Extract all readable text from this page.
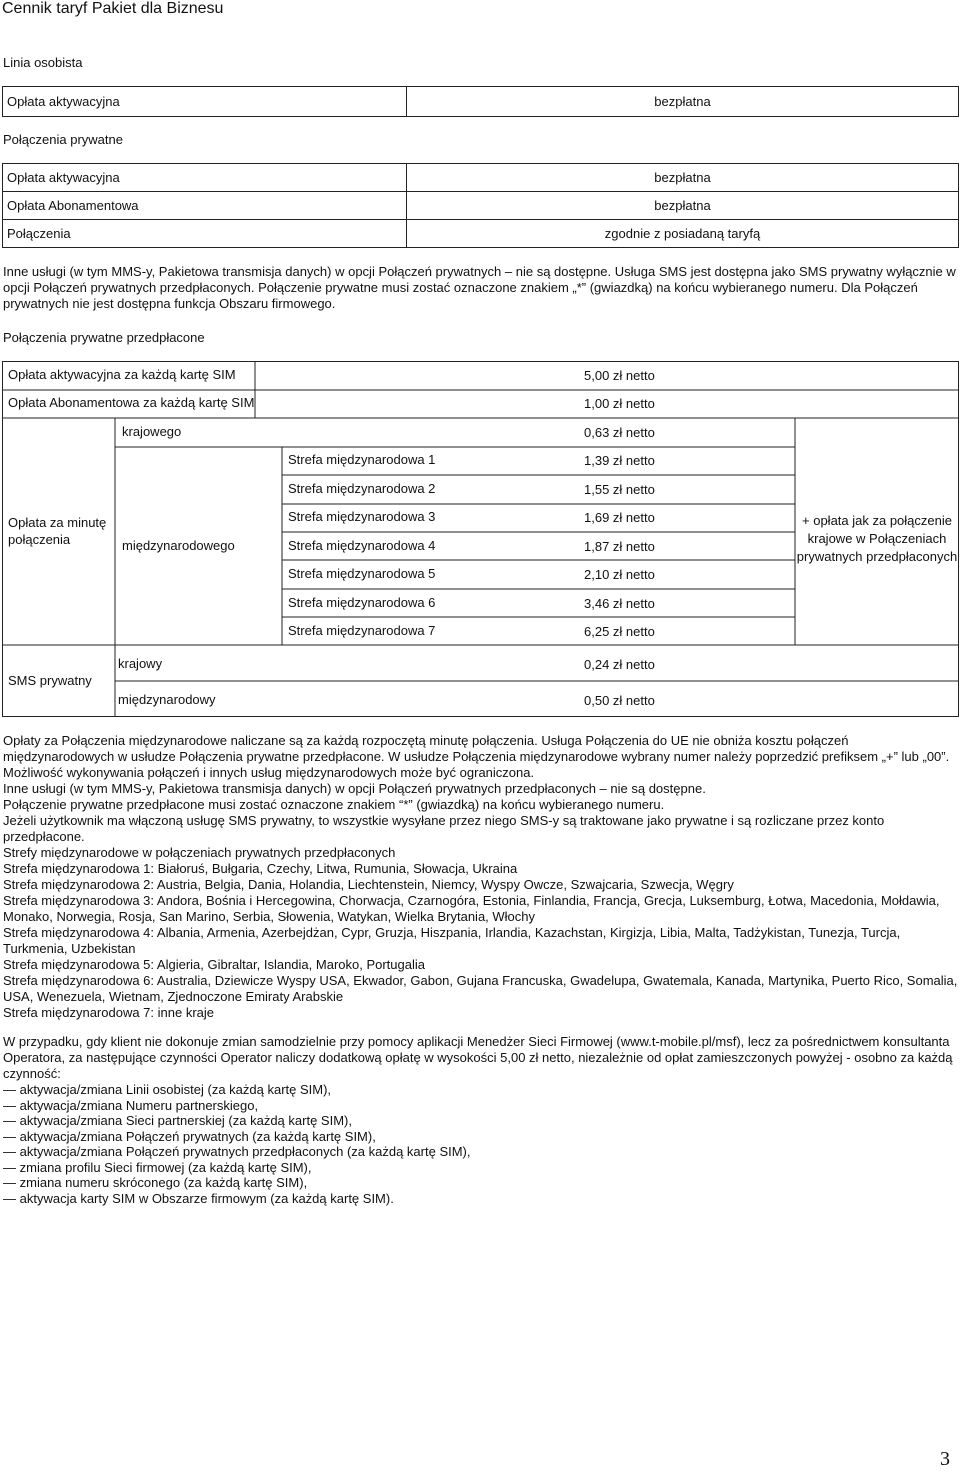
Cennik taryf Pakiet dla Biznesu
Linia osobista
Opłata aktywacyjna	bezpłatna
Połączenia prywatne
Opłata aktywacyjna	bezpłatna
Opłata Abonamentowa	bezpłatna
Połączenia	zgodnie z posiadaną taryfą
Inne usługi (w tym MMS-y, Pakietowa transmisja danych) w opcji Połączeń prywatnych – nie są dostępne. Usługa SMS jest dostępna jako SMS prywatny wyłącznie w
opcji Połączeń prywatnych przedpłaconych. Połączenie prywatne musi zostać oznaczone znakiem „*” (gwiazdką) na końcu wybieranego numeru. Dla Połączeń
prywatnych nie jest dostępna funkcja Obszaru firmowego.
Połączenia prywatne przedpłacone
Opłata aktywacyjna za każdą kartę SIM	5,00 zł netto
Opłata Abonamentowa za każdą kartę SIM	1,00 zł netto
Opłata za minutę
połączenia
krajowego	0,63 zł netto
międzynarodowego
Strefa międzynarodowa 1	1,39 zł netto
Strefa międzynarodowa 2	1,55 zł netto
Strefa międzynarodowa 3	1,69 zł netto
Strefa międzynarodowa 4	1,87 zł netto
Strefa międzynarodowa 5	2,10 zł netto
Strefa międzynarodowa 6	3,46 zł netto
Strefa międzynarodowa 7	6,25 zł netto
+ opłata jak za połączenie
krajowe w Połączeniach
prywatnych przedpłaconych
SMS prywatny
krajowy	0,24 zł netto
międzynarodowy	0,50 zł netto
Opłaty za Połączenia międzynarodowe naliczane są za każdą rozpoczętą minutę połączenia. Usługa Połączenia do UE nie obniża kosztu połączeń
międzynarodowych w usłudze Połączenia prywatne przedpłacone. W usłudze Połączenia międzynarodowe wybrany numer należy poprzedzić prefiksem „+” lub „00”.
Możliwość wykonywania połączeń i innych usług międzynarodowych może być ograniczona.
Inne usługi (w tym MMS-y, Pakietowa transmisja danych) w opcji Połączeń prywatnych przedpłaconych – nie są dostępne.
Połączenie prywatne przedpłacone musi zostać oznaczone znakiem “*” (gwiazdką) na końcu wybieranego numeru.
Jeżeli użytkownik ma włączoną usługę SMS prywatny, to wszystkie wysyłane przez niego SMS-y są traktowane jako prywatne i są rozliczane przez konto przedpłacone.
Strefy międzynarodowe w połączeniach prywatnych przedpłaconych
Strefa międzynarodowa 1: Białoruś, Bułgaria, Czechy, Litwa, Rumunia, Słowacja, Ukraina
Strefa międzynarodowa 2: Austria, Belgia, Dania, Holandia, Liechtenstein, Niemcy, Wyspy Owcze, Szwajcaria, Szwecja, Węgry
Strefa międzynarodowa 3: Andora, Bośnia i Hercegowina, Chorwacja, Czarnogóra, Estonia, Finlandia, Francja, Grecja, Luksemburg, Łotwa, Macedonia, Mołdawia,
Monako, Norwegia, Rosja, San Marino, Serbia, Słowenia, Watykan, Wielka Brytania, Włochy
Strefa międzynarodowa 4: Albania, Armenia, Azerbejdżan, Cypr, Gruzja, Hiszpania, Irlandia, Kazachstan, Kirgizja, Libia, Malta, Tadżykistan, Tunezja, Turcja,
Turkmenia, Uzbekistan
Strefa międzynarodowa 5: Algieria, Gibraltar, Islandia, Maroko, Portugalia
Strefa międzynarodowa 6: Australia, Dziewicze Wyspy USA, Ekwador, Gabon, Gujana Francuska, Gwadelupa, Gwatemala, Kanada, Martynika, Puerto Rico, Somalia,
USA, Wenezuela, Wietnam, Zjednoczone Emiraty Arabskie
Strefa międzynarodowa 7: inne kraje
W przypadku, gdy klient nie dokonuje zmian samodzielnie przy pomocy aplikacji Menedżer Sieci Firmowej (www.t-mobile.pl/msf), lecz za pośrednictwem konsultanta
Operatora, za następujące czynności Operator naliczy dodatkową opłatę w wysokości 5,00 zł netto, niezależnie od opłat zamieszczonych powyżej - osobno za każdą
czynność:
— aktywacja/zmiana Linii osobistej (za każdą kartę SIM),
— aktywacja/zmiana Numeru partnerskiego,
— aktywacja/zmiana Sieci partnerskiej (za każdą kartę SIM),
— aktywacja/zmiana Połączeń prywatnych (za każdą kartę SIM),
— aktywacja/zmiana Połączeń prywatnych przedpłaconych (za każdą kartę SIM),
— zmiana profilu Sieci firmowej (za każdą kartę SIM),
— zmiana numeru skróconego (za każdą kartę SIM),
— aktywacja karty SIM w Obszarze firmowym (za każdą kartę SIM).
3
